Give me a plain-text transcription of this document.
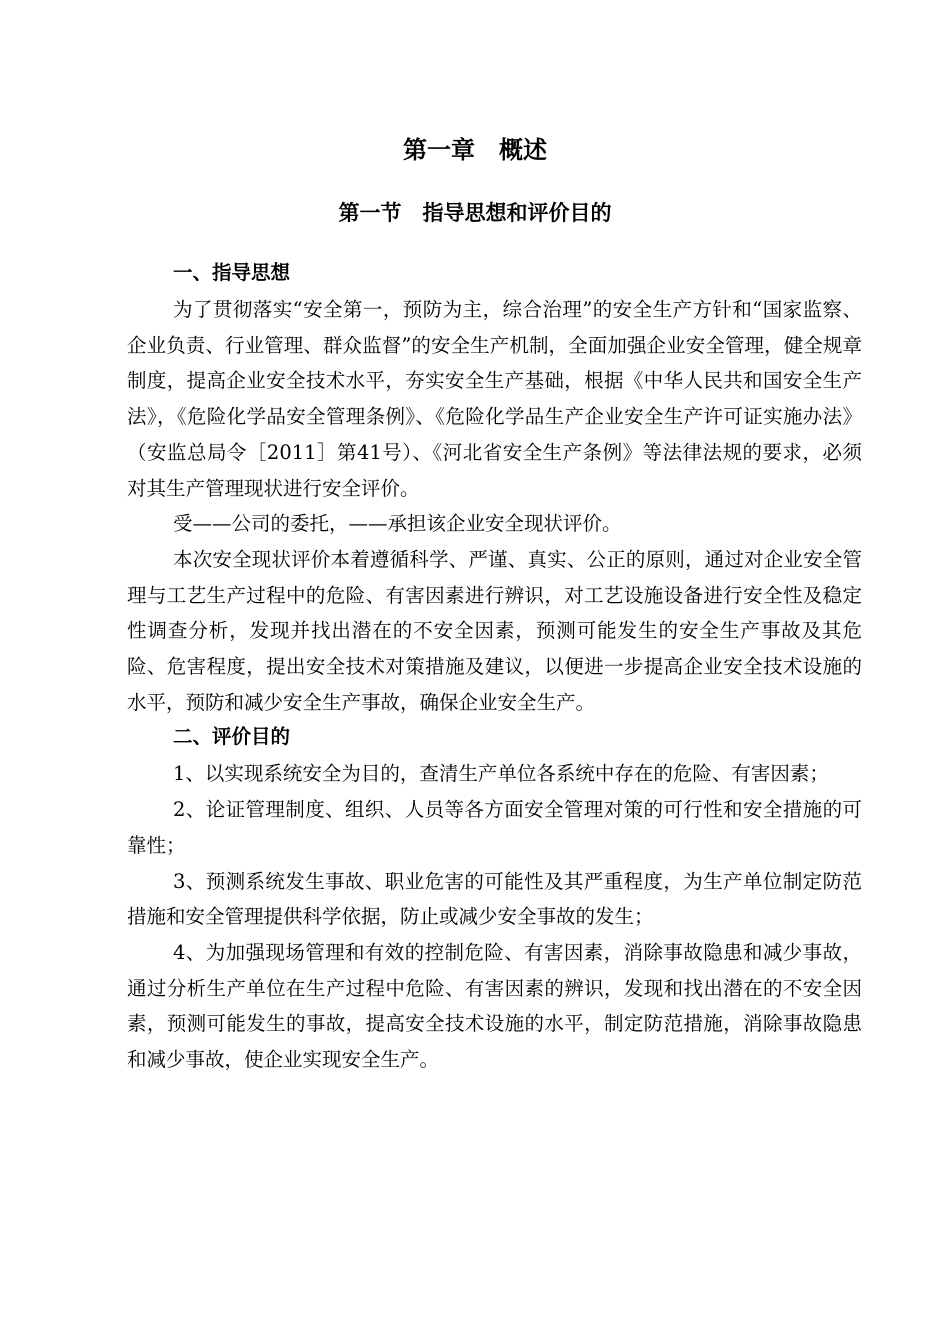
第一章　概述
第一节　指导思想和评价目的

一、指导思想

为了贯彻落实“安全第一，预防为主，综合治理”的安全生产方针和“国家监察、企业负责、行业管理、群众监督”的安全生产机制，全面加强企业安全管理，健全规章制度，提高企业安全技术水平，夯实安全生产基础，根据《中华人民共和国安全生产法》，《危险化学品安全管理条例》、《危险化学品生产企业安全生产许可证实施办法》（安监总局令［2011］第41号）、《河北省安全生产条例》等法律法规的要求，必须对其生产管理现状进行安全评价。

受——公司的委托，——承担该企业安全现状评价。

本次安全现状评价本着遵循科学、严谨、真实、公正的原则，通过对企业安全管理与工艺生产过程中的危险、有害因素进行辨识，对工艺设施设备进行安全性及稳定性调查分析，发现并找出潜在的不安全因素，预测可能发生的安全生产事故及其危险、危害程度，提出安全技术对策措施及建议，以便进一步提高企业安全技术设施的水平，预防和减少安全生产事故，确保企业安全生产。

二、评价目的

1、以实现系统安全为目的，查清生产单位各系统中存在的危险、有害因素；

2、论证管理制度、组织、人员等各方面安全管理对策的可行性和安全措施的可靠性；

3、预测系统发生事故、职业危害的可能性及其严重程度，为生产单位制定防范措施和安全管理提供科学依据，防止或减少安全事故的发生；

4、为加强现场管理和有效的控制危险、有害因素，消除事故隐患和减少事故，通过分析生产单位在生产过程中危险、有害因素的辨识，发现和找出潜在的不安全因素，预测可能发生的事故，提高安全技术设施的水平，制定防范措施，消除事故隐患和减少事故，使企业实现安全生产。
